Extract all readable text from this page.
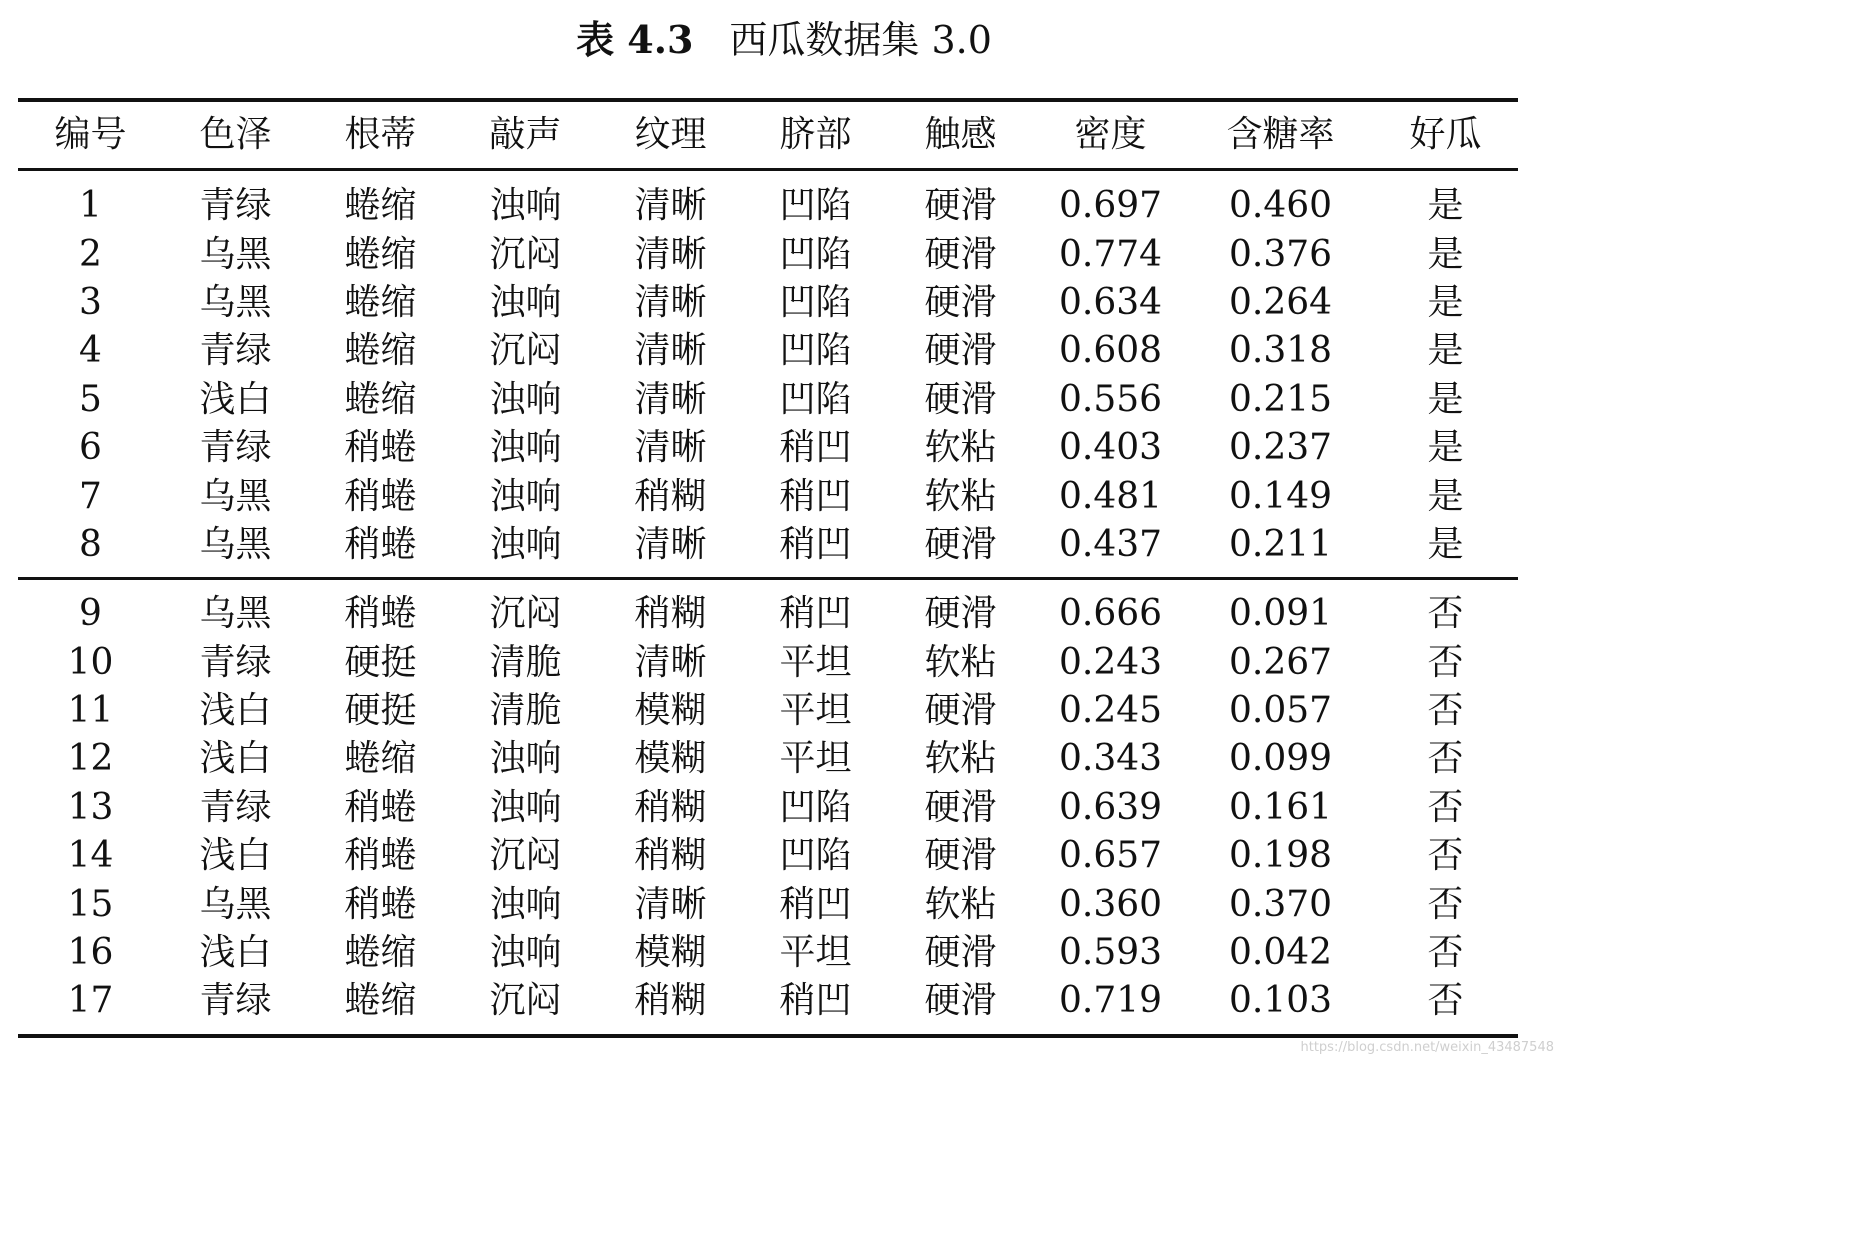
表 4.3 西瓜数据集 3.0
编号	色泽	根蒂	敲声	纹理	脐部	触感	密度	含糖率	好瓜
1	青绿	蜷缩	浊响	清晰	凹陷	硬滑	0.697	0.460	是
2	乌黑	蜷缩	沉闷	清晰	凹陷	硬滑	0.774	0.376	是
3	乌黑	蜷缩	浊响	清晰	凹陷	硬滑	0.634	0.264	是
4	青绿	蜷缩	沉闷	清晰	凹陷	硬滑	0.608	0.318	是
5	浅白	蜷缩	浊响	清晰	凹陷	硬滑	0.556	0.215	是
6	青绿	稍蜷	浊响	清晰	稍凹	软粘	0.403	0.237	是
7	乌黑	稍蜷	浊响	稍糊	稍凹	软粘	0.481	0.149	是
8	乌黑	稍蜷	浊响	清晰	稍凹	硬滑	0.437	0.211	是
9	乌黑	稍蜷	沉闷	稍糊	稍凹	硬滑	0.666	0.091	否
10	青绿	硬挺	清脆	清晰	平坦	软粘	0.243	0.267	否
11	浅白	硬挺	清脆	模糊	平坦	硬滑	0.245	0.057	否
12	浅白	蜷缩	浊响	模糊	平坦	软粘	0.343	0.099	否
13	青绿	稍蜷	浊响	稍糊	凹陷	硬滑	0.639	0.161	否
14	浅白	稍蜷	沉闷	稍糊	凹陷	硬滑	0.657	0.198	否
15	乌黑	稍蜷	浊响	清晰	稍凹	软粘	0.360	0.370	否
16	浅白	蜷缩	浊响	模糊	平坦	硬滑	0.593	0.042	否
17	青绿	蜷缩	沉闷	稍糊	稍凹	硬滑	0.719	0.103	否
https://blog.csdn.net/weixin_43487548
